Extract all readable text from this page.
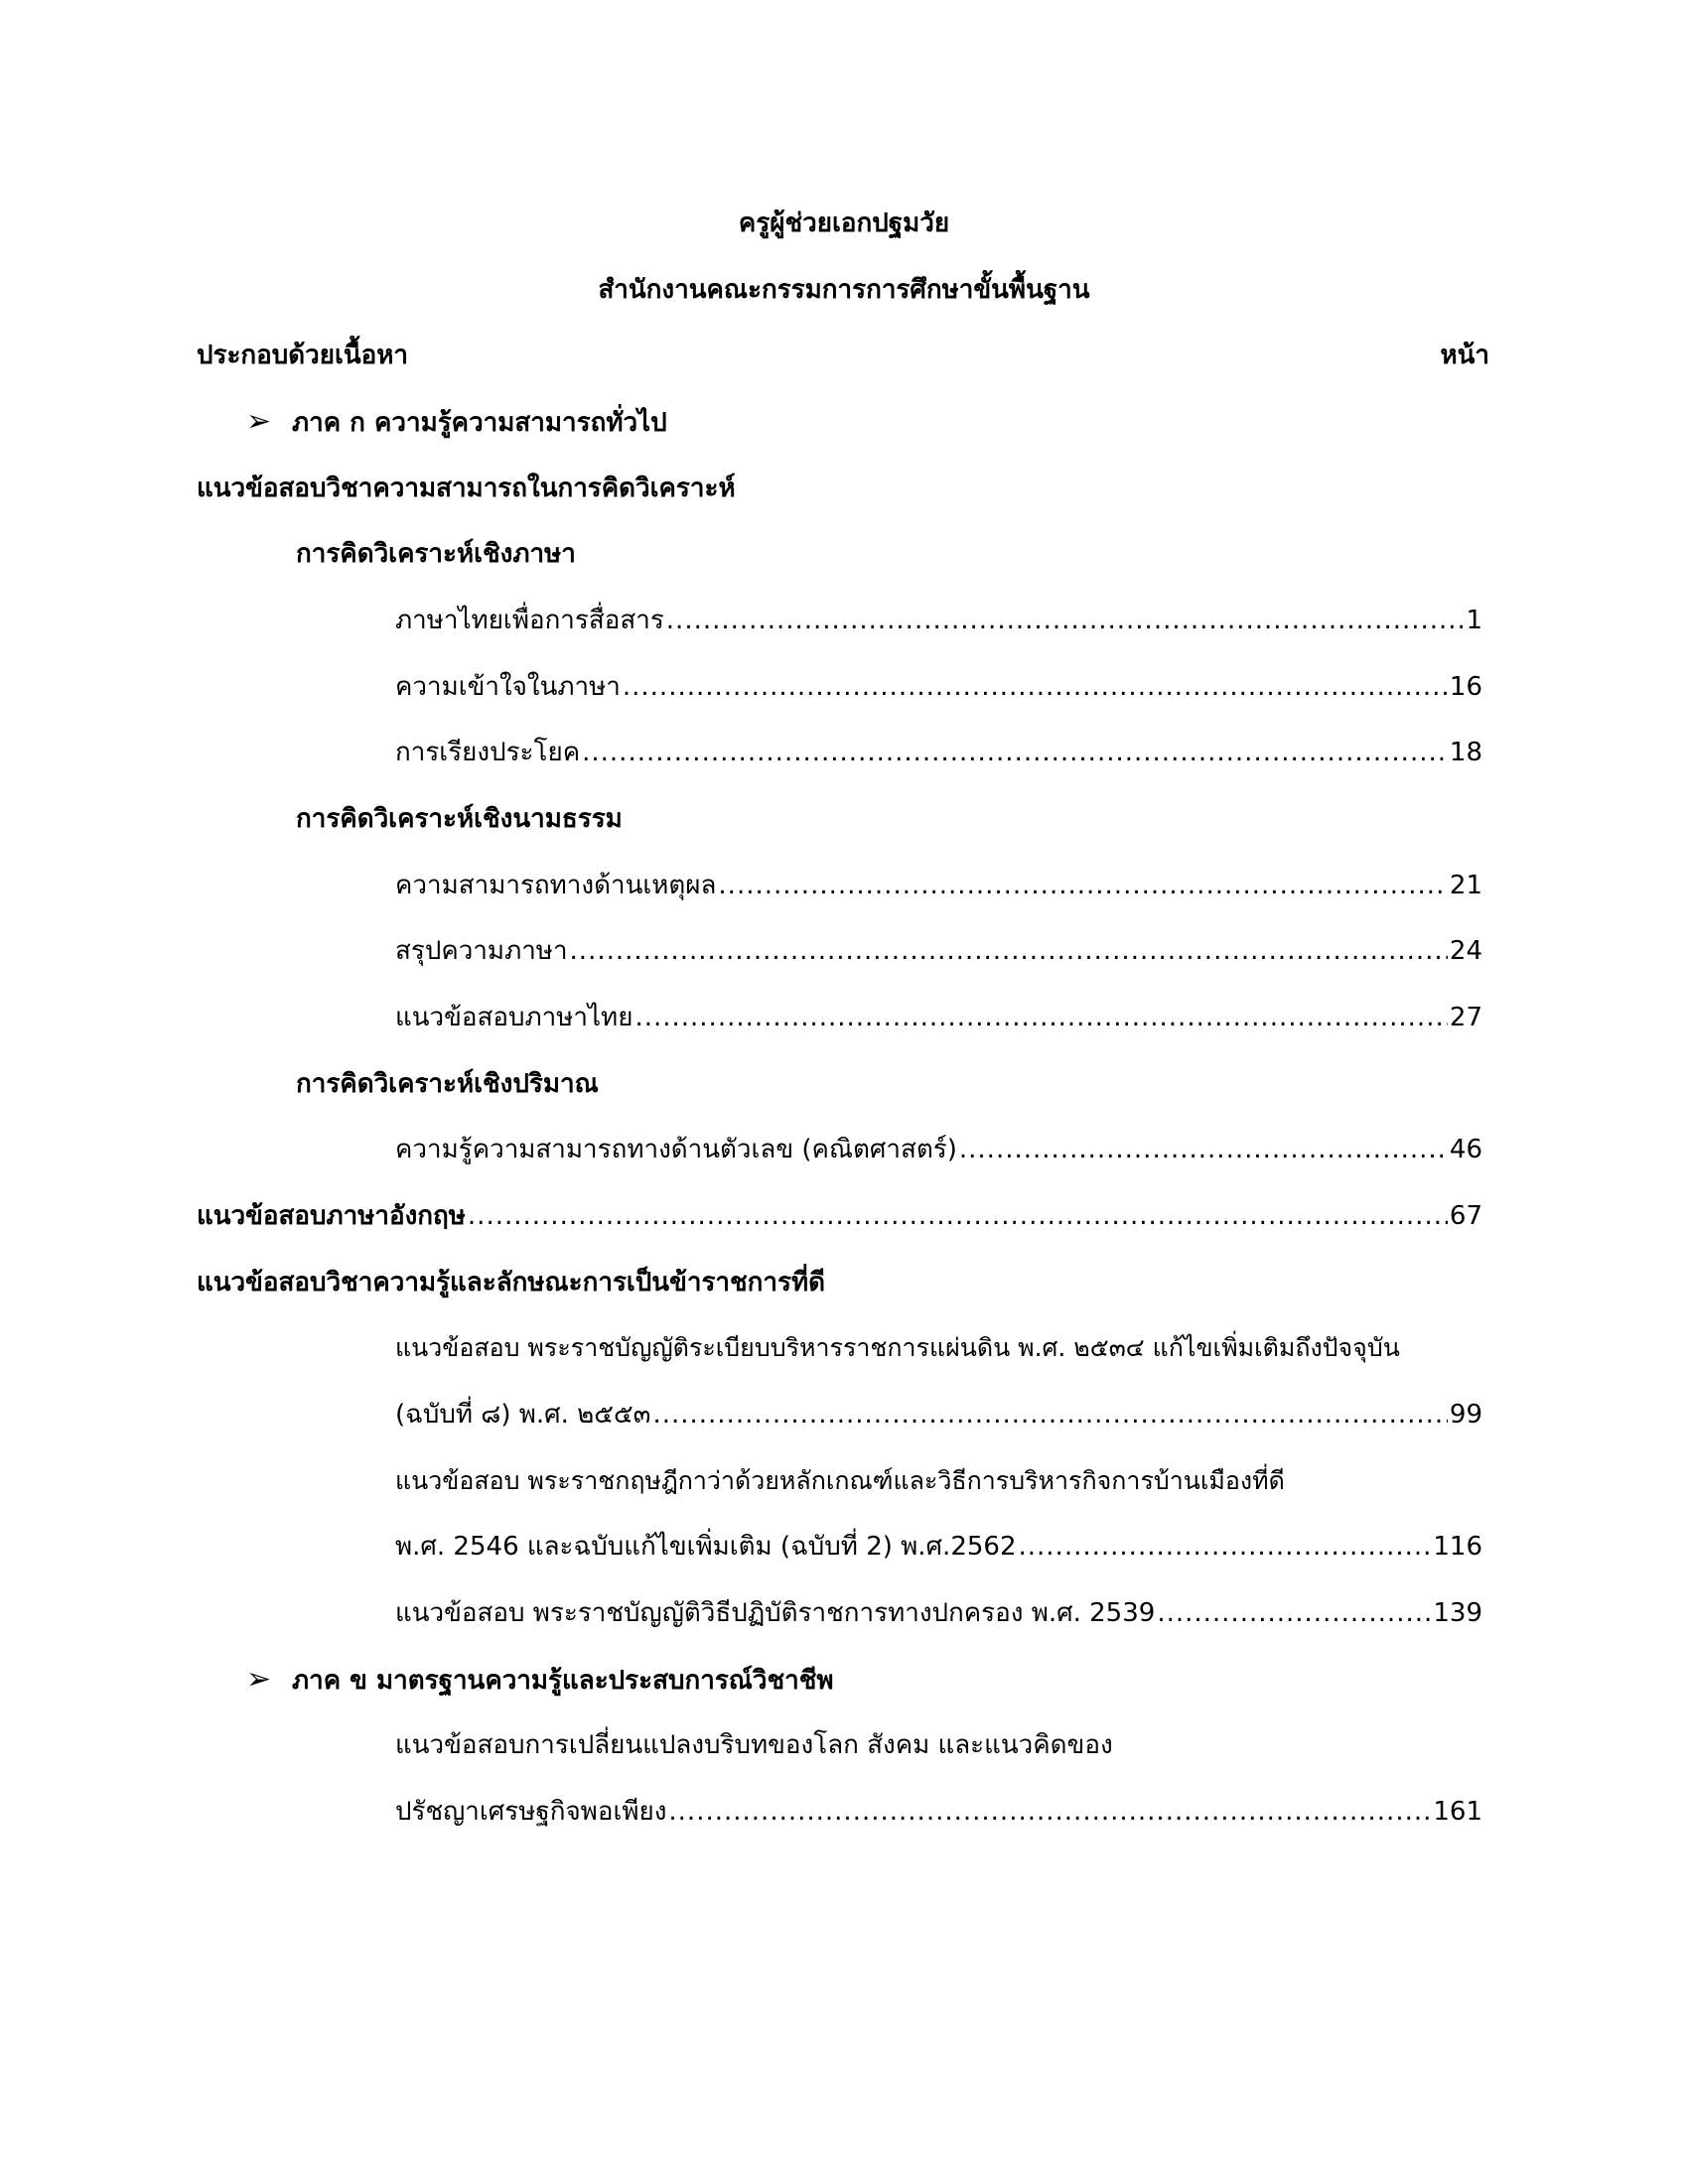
ครูผู้ช่วยเอกปฐมวัย
สำนักงานคณะกรรมการการศึกษาขั้นพื้นฐาน
ประกอบด้วยเนื้อหา	หน้า
➢ ภาค ก ความรู้ความสามารถทั่วไป
แนวข้อสอบวิชาความสามารถในการคิดวิเคราะห์
การคิดวิเคราะห์เชิงภาษา
ภาษาไทยเพื่อการสื่อสาร .....	1
ความเข้าใจในภาษา .....	16
การเรียงประโยค .....	18
การคิดวิเคราะห์เชิงนามธรรม
ความสามารถทางด้านเหตุผล .....	21
สรุปความภาษา .....	24
แนวข้อสอบภาษาไทย .....	27
การคิดวิเคราะห์เชิงปริมาณ
ความรู้ความสามารถทางด้านตัวเลข (คณิตศาสตร์) .....	46
แนวข้อสอบภาษาอังกฤษ .....	67
แนวข้อสอบวิชาความรู้และลักษณะการเป็นข้าราชการที่ดี
แนวข้อสอบ พระราชบัญญัติระเบียบบริหารราชการแผ่นดิน พ.ศ. ๒๕๓๔ แก้ไขเพิ่มเติมถึงปัจจุบัน
(ฉบับที่ ๘) พ.ศ. ๒๕๕๓ .....	99
แนวข้อสอบ พระราชกฤษฎีกาว่าด้วยหลักเกณฑ์และวิธีการบริหารกิจการบ้านเมืองที่ดี
พ.ศ. 2546 และฉบับแก้ไขเพิ่มเติม (ฉบับที่ 2) พ.ศ.2562 .....	116
แนวข้อสอบ พระราชบัญญัติวิธีปฏิบัติราชการทางปกครอง พ.ศ. 2539 .....	139
➢ ภาค ข มาตรฐานความรู้และประสบการณ์วิชาชีพ
แนวข้อสอบการเปลี่ยนแปลงบริบทของโลก สังคม และแนวคิดของ
ปรัชญาเศรษฐกิจพอเพียง .....	161
